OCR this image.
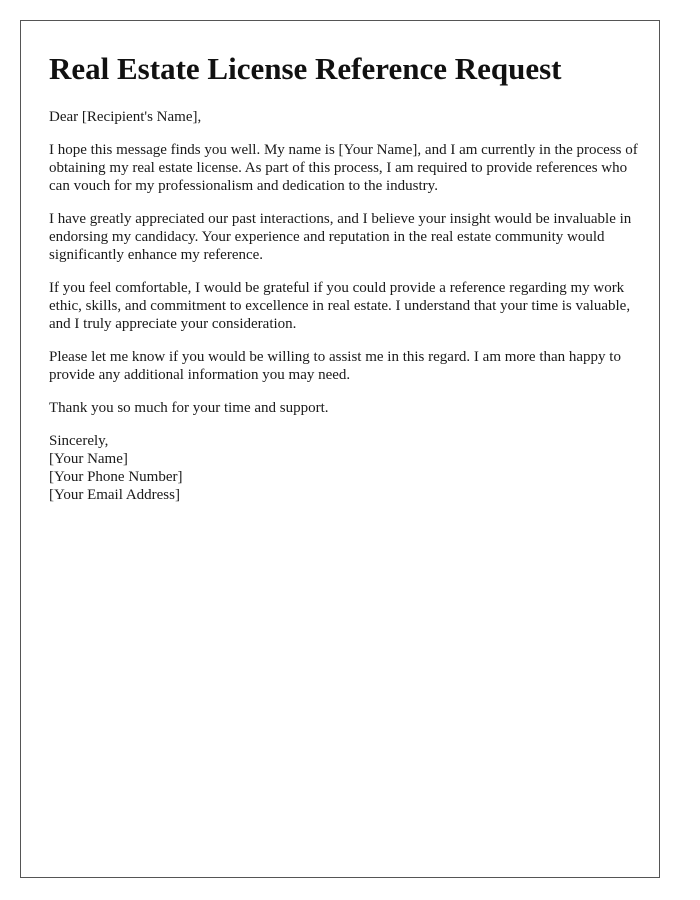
Real Estate License Reference Request

Dear [Recipient's Name],

I hope this message finds you well. My name is [Your Name], and I am currently in the process of obtaining my real estate license. As part of this process, I am required to provide references who can vouch for my professionalism and dedication to the industry.

I have greatly appreciated our past interactions, and I believe your insight would be invaluable in endorsing my candidacy. Your experience and reputation in the real estate community would significantly enhance my reference.

If you feel comfortable, I would be grateful if you could provide a reference regarding my work ethic, skills, and commitment to excellence in real estate. I understand that your time is valuable, and I truly appreciate your consideration.

Please let me know if you would be willing to assist me in this regard. I am more than happy to provide any additional information you may need.

Thank you so much for your time and support.

Sincerely,
[Your Name]
[Your Phone Number]
[Your Email Address]
